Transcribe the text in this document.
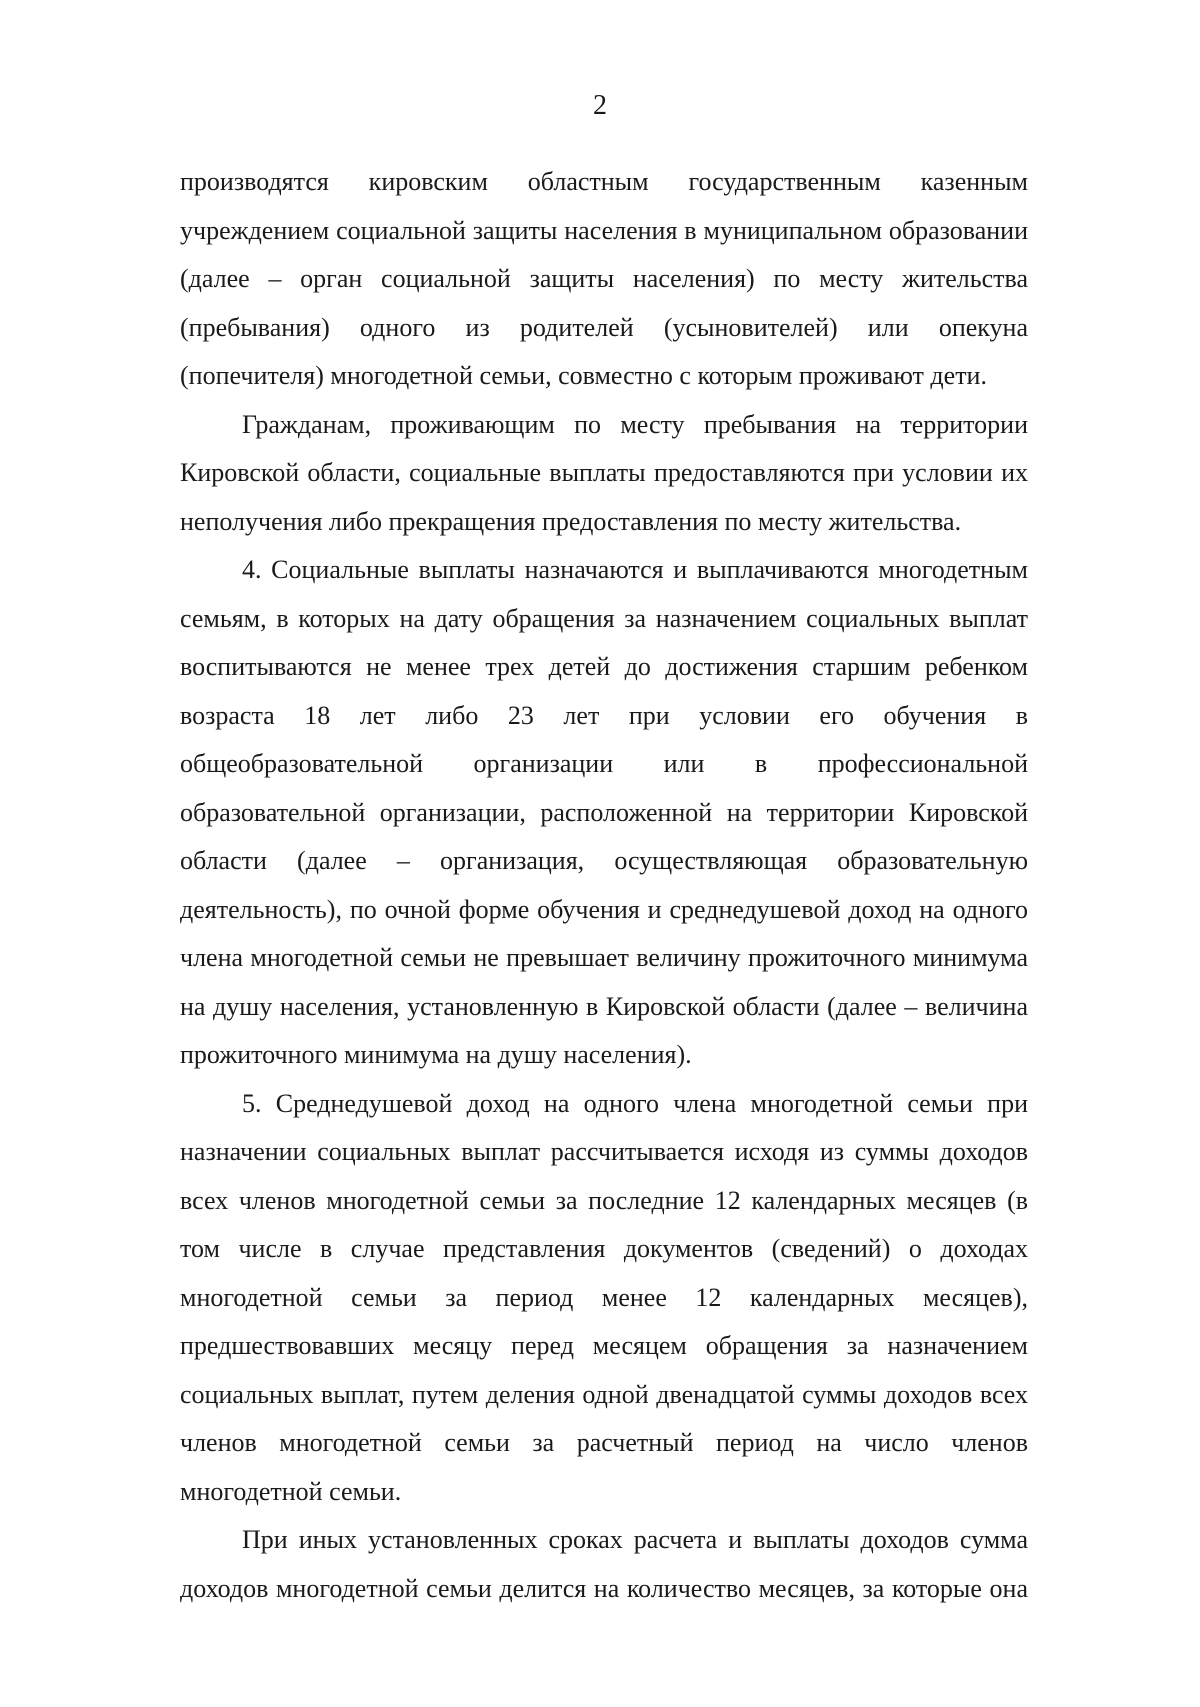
2

производятся кировским областным государственным казенным учреждением социальной защиты населения в муниципальном образовании (далее – орган социальной защиты населения) по месту жительства (пребывания) одного из родителей (усыновителей) или опекуна (попечителя) многодетной семьи, совместно с которым проживают дети.

Гражданам, проживающим по месту пребывания на территории Кировской области, социальные выплаты предоставляются при условии их неполучения либо прекращения предоставления по месту жительства.

4. Социальные выплаты назначаются и выплачиваются многодетным семьям, в которых на дату обращения за назначением социальных выплат воспитываются не менее трех детей до достижения старшим ребенком возраста 18 лет либо 23 лет при условии его обучения в общеобразовательной организации или в профессиональной образовательной организации, расположенной на территории Кировской области (далее – организация, осуществляющая образовательную деятельность), по очной форме обучения и среднедушевой доход на одного члена многодетной семьи не превышает величину прожиточного минимума на душу населения, установленную в Кировской области (далее – величина прожиточного минимума на душу населения).

5. Среднедушевой доход на одного члена многодетной семьи при назначении социальных выплат рассчитывается исходя из суммы доходов всех членов многодетной семьи за последние 12 календарных месяцев (в том числе в случае представления документов (сведений) о доходах многодетной семьи за период менее 12 календарных месяцев), предшествовавших месяцу перед месяцем обращения за назначением социальных выплат, путем деления одной двенадцатой суммы доходов всех членов многодетной семьи за расчетный период на число членов многодетной семьи.

При иных установленных сроках расчета и выплаты доходов сумма доходов многодетной семьи делится на количество месяцев, за которые она
